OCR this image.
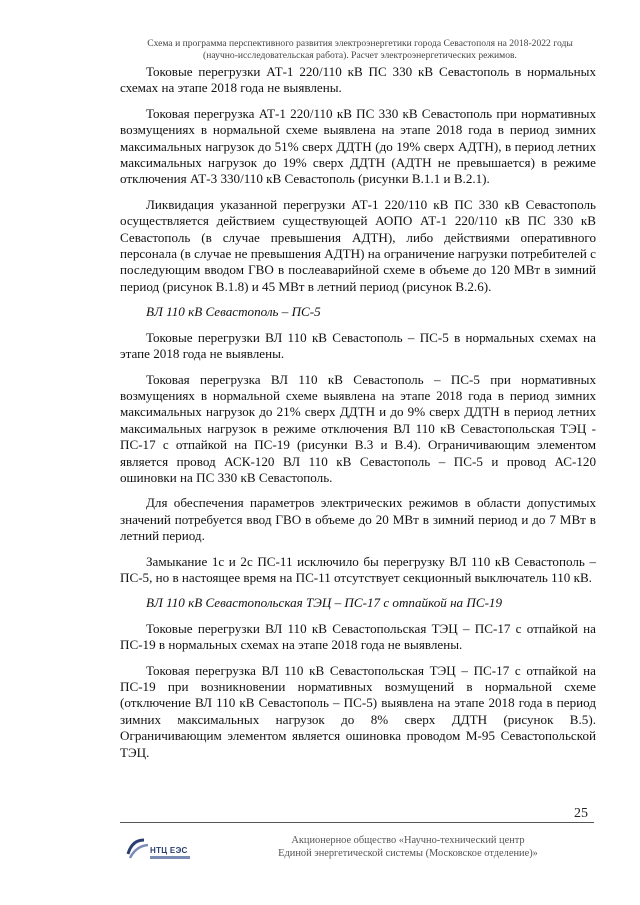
Схема и программа перспективного развития электроэнергетики города Севастополя на 2018-2022 годы
(научно-исследовательская работа). Расчет электроэнергетических режимов.

Токовые перегрузки АТ-1 220/110 кВ ПС 330 кВ Севастополь в нормальных схемах на этапе 2018 года не выявлены.

Токовая перегрузка АТ-1 220/110 кВ ПС 330 кВ Севастополь при нормативных возмущениях в нормальной схеме выявлена на этапе 2018 года в период зимних максимальных нагрузок до 51% сверх ДДТН (до 19% сверх АДТН), в период летних максимальных нагрузок до 19% сверх ДДТН (АДТН не превышается) в режиме отключения АТ-3 330/110 кВ Севастополь (рисунки В.1.1 и В.2.1).

Ликвидация указанной перегрузки АТ-1 220/110 кВ ПС 330 кВ Севастополь осуществляется действием существующей АОПО АТ-1 220/110 кВ ПС 330 кВ Севастополь (в случае превышения АДТН), либо действиями оперативного персонала (в случае не превышения АДТН) на ограничение нагрузки потребителей с последующим вводом ГВО в послеаварийной схеме в объеме до 120 МВт в зимний период (рисунок В.1.8) и 45 МВт в летний период (рисунок В.2.6).

ВЛ 110 кВ Севастополь – ПС-5

Токовые перегрузки ВЛ 110 кВ Севастополь – ПС-5 в нормальных схемах на этапе 2018 года не выявлены.

Токовая перегрузка ВЛ 110 кВ Севастополь – ПС-5 при нормативных возмущениях в нормальной схеме выявлена на этапе 2018 года в период зимних максимальных нагрузок до 21% сверх ДДТН и до 9% сверх ДДТН в период летних максимальных нагрузок в режиме отключения ВЛ 110 кВ Севастопольская ТЭЦ - ПС-17 с отпайкой на ПС-19 (рисунки В.3 и В.4). Ограничивающим элементом является провод АСК-120 ВЛ 110 кВ Севастополь – ПС-5 и провод АС-120 ошиновки на ПС 330 кВ Севастополь.

Для обеспечения параметров электрических режимов в области допустимых значений потребуется ввод ГВО в объеме до 20 МВт в зимний период и до 7 МВт в летний период.

Замыкание 1с и 2с ПС-11 исключило бы перегрузку ВЛ 110 кВ Севастополь – ПС-5, но в настоящее время на ПС-11 отсутствует секционный выключатель 110 кВ.

ВЛ 110 кВ Севастопольская ТЭЦ – ПС-17 с отпайкой на ПС-19

Токовые перегрузки ВЛ 110 кВ Севастопольская ТЭЦ – ПС-17 с отпайкой на ПС-19 в нормальных схемах на этапе 2018 года не выявлены.

Токовая перегрузка ВЛ 110 кВ Севастопольская ТЭЦ – ПС-17 с отпайкой на ПС-19 при возникновении нормативных возмущений в нормальной схеме (отключение ВЛ 110 кВ Севастополь – ПС-5) выявлена на этапе 2018 года в период зимних максимальных нагрузок до 8% сверх ДДТН (рисунок В.5). Ограничивающим элементом является ошиновка проводом М-95 Севастопольской ТЭЦ.

25
НТЦ ЕЭС
Акционерное общество «Научно-технический центр
Единой энергетической системы (Московское отделение)»
